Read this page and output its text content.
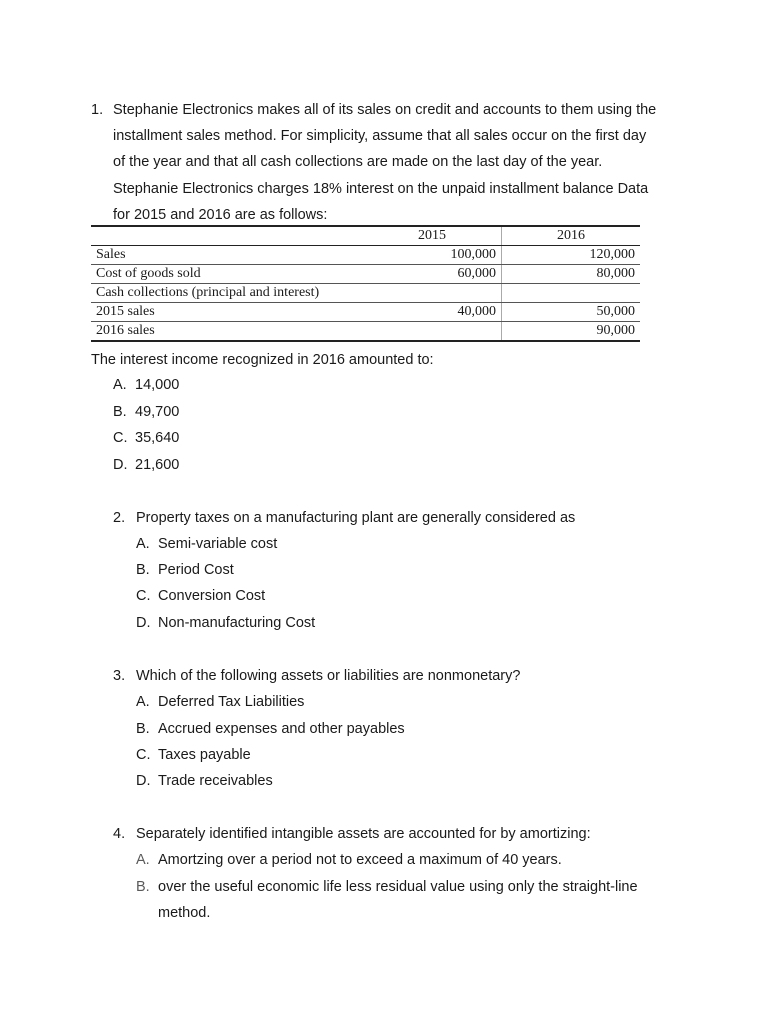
1. Stephanie Electronics makes all of its sales on credit and accounts to them using the
installment sales method. For simplicity, assume that all sales occur on the first day
of the year and that all cash collections are made on the last day of the year.
Stephanie Electronics charges 18% interest on the unpaid installment balance Data
for 2015 and 2016 are as follows:
	2015	2016
Sales	100,000	120,000
Cost of goods sold	60,000	80,000
Cash collections (principal and interest)		
2015 sales	40,000	50,000
2016 sales		90,000
The interest income recognized in 2016 amounted to:
A. 14,000
B. 49,700
C. 35,640
D. 21,600
2. Property taxes on a manufacturing plant are generally considered as
A. Semi-variable cost
B. Period Cost
C. Conversion Cost
D. Non-manufacturing Cost
3. Which of the following assets or liabilities are nonmonetary?
A. Deferred Tax Liabilities
B. Accrued expenses and other payables
C. Taxes payable
D. Trade receivables
4. Separately identified intangible assets are accounted for by amortizing:
A. Amortzing over a period not to exceed a maximum of 40 years.
B. over the useful economic life less residual value using only the straight-line
method.
